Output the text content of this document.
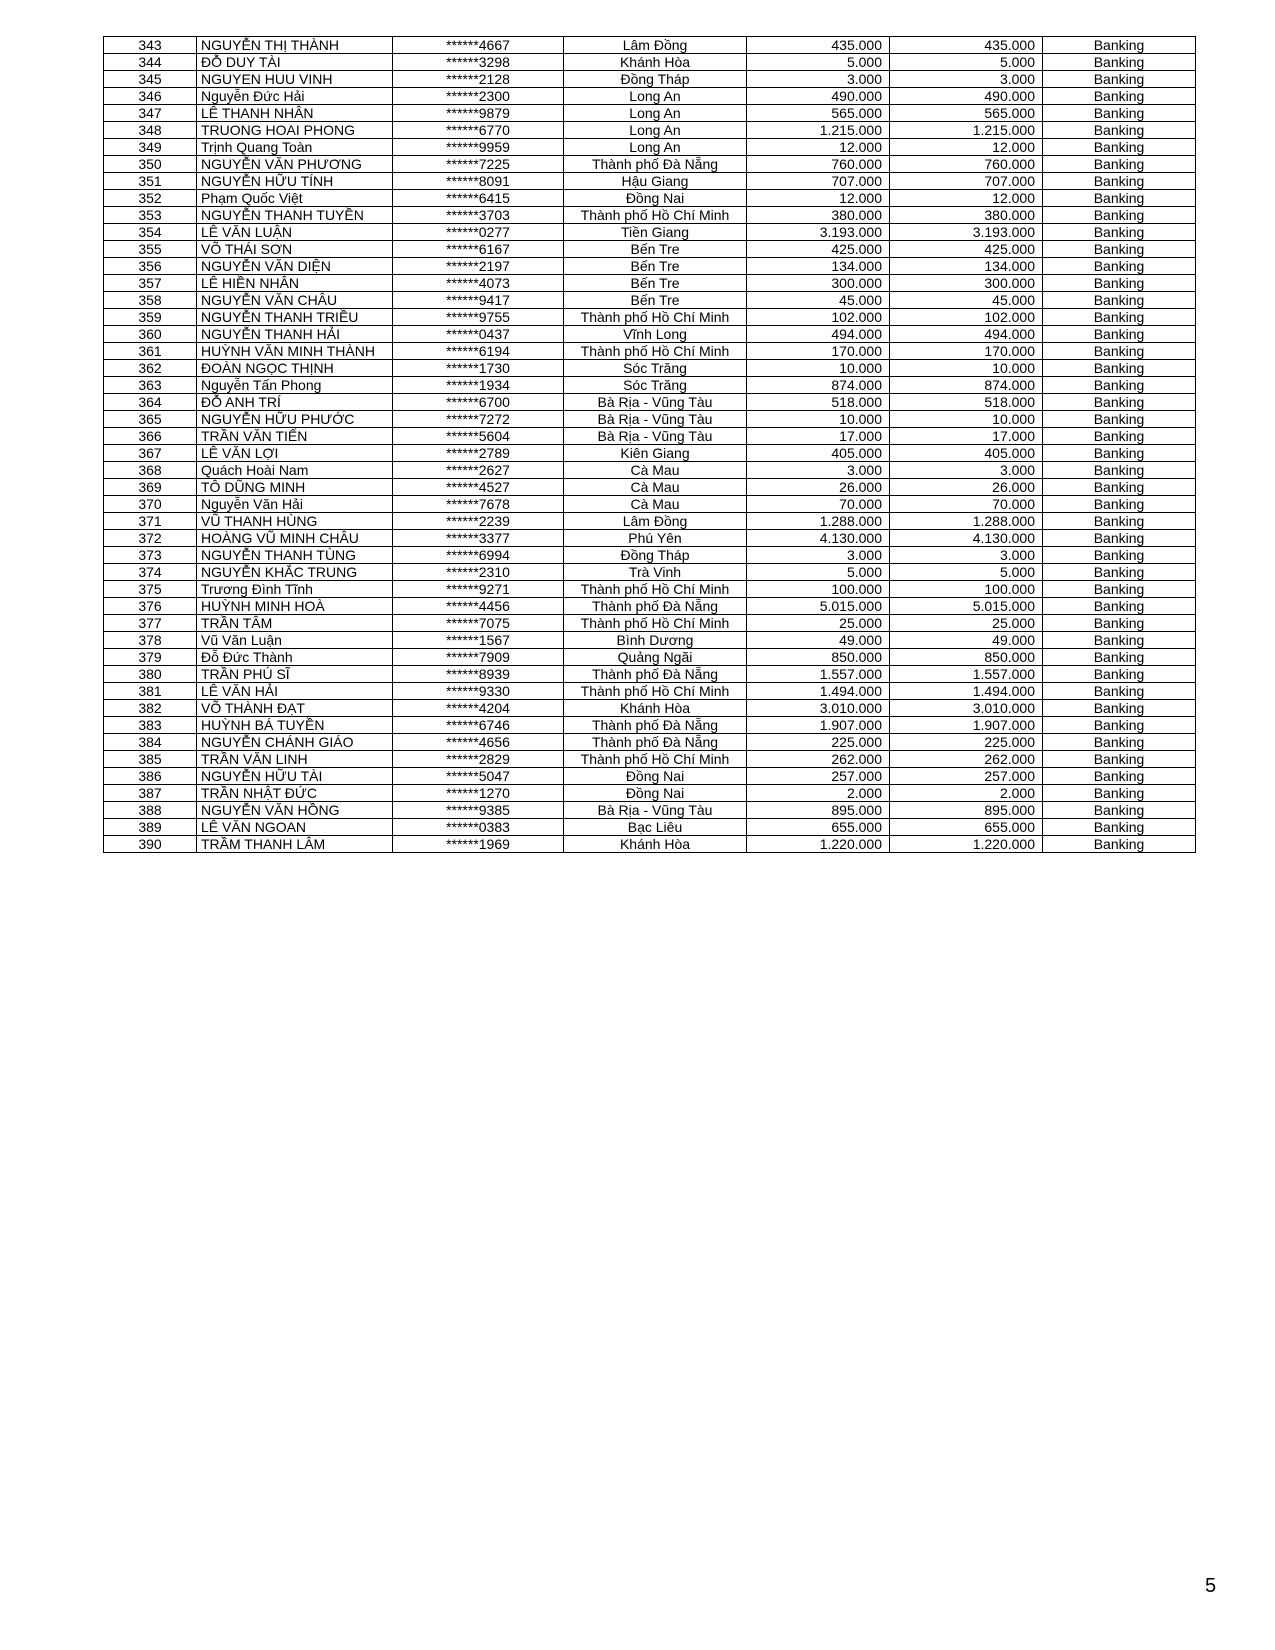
343	NGUYỄN THỊ THÀNH	******4667	Lâm Đồng	435.000	435.000	Banking
344	ĐỖ DUY TÀI	******3298	Khánh Hòa	5.000	5.000	Banking
345	NGUYEN HUU VINH	******2128	Đồng Tháp	3.000	3.000	Banking
346	Nguyễn Đức Hải	******2300	Long An	490.000	490.000	Banking
347	LÊ THANH NHÂN	******9879	Long An	565.000	565.000	Banking
348	TRUONG HOAI PHONG	******6770	Long An	1.215.000	1.215.000	Banking
349	Trịnh Quang Toàn	******9959	Long An	12.000	12.000	Banking
350	NGUYỄN VĂN PHƯƠNG	******7225	Thành phố Đà Nẵng	760.000	760.000	Banking
351	NGUYỄN HỮU TÍNH	******8091	Hậu Giang	707.000	707.000	Banking
352	Phạm Quốc Việt	******6415	Đồng Nai	12.000	12.000	Banking
353	NGUYỄN THANH TUYỀN	******3703	Thành phố Hồ Chí Minh	380.000	380.000	Banking
354	LÊ VĂN LUẬN	******0277	Tiền Giang	3.193.000	3.193.000	Banking
355	VÕ THÁI SƠN	******6167	Bến Tre	425.000	425.000	Banking
356	NGUYỄN VĂN DIỆN	******2197	Bến Tre	134.000	134.000	Banking
357	LÊ HIỀN NHÂN	******4073	Bến Tre	300.000	300.000	Banking
358	NGUYỄN VĂN CHÂU	******9417	Bến Tre	45.000	45.000	Banking
359	NGUYỄN THANH TRIỀU	******9755	Thành phố Hồ Chí Minh	102.000	102.000	Banking
360	NGUYỄN THANH HẢI	******0437	Vĩnh Long	494.000	494.000	Banking
361	HUỲNH VĂN MINH THÀNH	******6194	Thành phố Hồ Chí Minh	170.000	170.000	Banking
362	ĐOÀN NGỌC THỊNH	******1730	Sóc Trăng	10.000	10.000	Banking
363	Nguyễn Tấn Phong	******1934	Sóc Trăng	874.000	874.000	Banking
364	ĐỖ ANH TRÍ	******6700	Bà Rịa - Vũng Tàu	518.000	518.000	Banking
365	NGUYỄN HỮU PHƯỚC	******7272	Bà Rịa - Vũng Tàu	10.000	10.000	Banking
366	TRẦN VĂN TIẾN	******5604	Bà Rịa - Vũng Tàu	17.000	17.000	Banking
367	LÊ VĂN LỢI	******2789	Kiên Giang	405.000	405.000	Banking
368	Quách Hoài Nam	******2627	Cà Mau	3.000	3.000	Banking
369	TÔ DŨNG MINH	******4527	Cà Mau	26.000	26.000	Banking
370	Nguyễn Văn Hải	******7678	Cà Mau	70.000	70.000	Banking
371	VŨ THANH HÙNG	******2239	Lâm Đồng	1.288.000	1.288.000	Banking
372	HOÀNG VŨ MINH CHÂU	******3377	Phú Yên	4.130.000	4.130.000	Banking
373	NGUYỄN THANH TÙNG	******6994	Đồng Tháp	3.000	3.000	Banking
374	NGUYỄN KHẮC TRUNG	******2310	Trà Vinh	5.000	5.000	Banking
375	Trương Đình Tĩnh	******9271	Thành phố Hồ Chí Minh	100.000	100.000	Banking
376	HUỲNH MINH HOÀ	******4456	Thành phố Đà Nẵng	5.015.000	5.015.000	Banking
377	TRẦN TÂM	******7075	Thành phố Hồ Chí Minh	25.000	25.000	Banking
378	Vũ Văn Luận	******1567	Bình Dương	49.000	49.000	Banking
379	Đỗ Đức Thành	******7909	Quảng Ngãi	850.000	850.000	Banking
380	TRẦN PHÚ SĨ	******8939	Thành phố Đà Nẵng	1.557.000	1.557.000	Banking
381	LÊ VĂN HẢI	******9330	Thành phố Hồ Chí Minh	1.494.000	1.494.000	Banking
382	VÕ THÀNH ĐẠT	******4204	Khánh Hòa	3.010.000	3.010.000	Banking
383	HUỲNH BÁ TUYỀN	******6746	Thành phố Đà Nẵng	1.907.000	1.907.000	Banking
384	NGUYỄN CHÁNH GIÁO	******4656	Thành phố Đà Nẵng	225.000	225.000	Banking
385	TRẦN VĂN LINH	******2829	Thành phố Hồ Chí Minh	262.000	262.000	Banking
386	NGUYỄN HỮU TÀI	******5047	Đồng Nai	257.000	257.000	Banking
387	TRẦN NHẬT ĐỨC	******1270	Đồng Nai	2.000	2.000	Banking
388	NGUYỄN VĂN HỒNG	******9385	Bà Rịa - Vũng Tàu	895.000	895.000	Banking
389	LÊ VĂN NGOAN	******0383	Bạc Liêu	655.000	655.000	Banking
390	TRẦM THANH LÂM	******1969	Khánh Hòa	1.220.000	1.220.000	Banking
5
